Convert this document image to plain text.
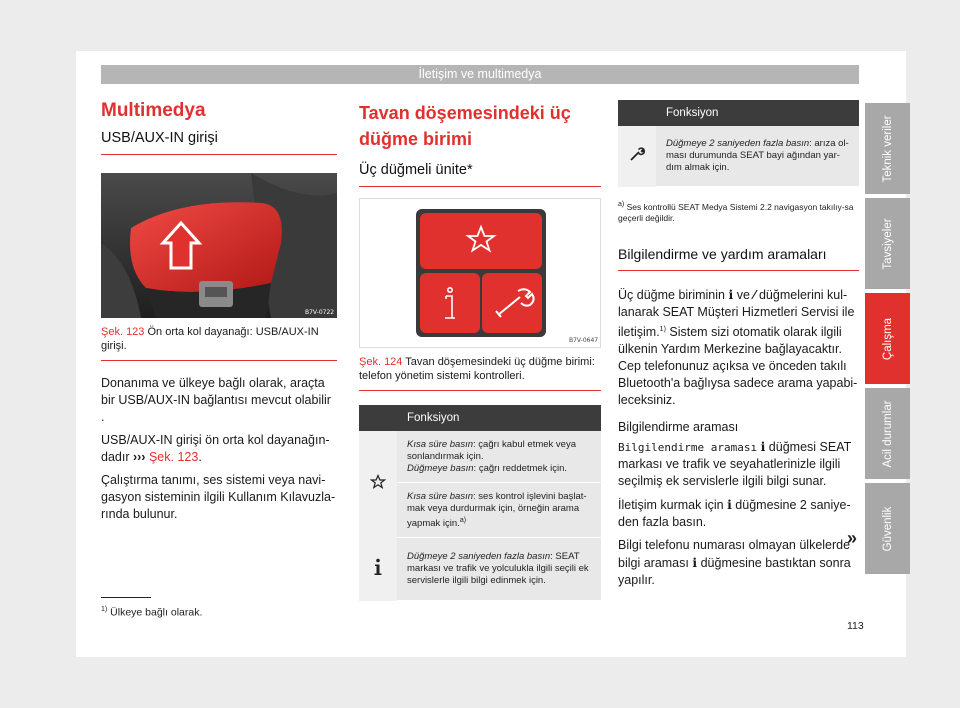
İletişim ve multimedya
Multimedya
USB/AUX-IN girişi
B7V-0722
Şek. 123 Ön orta kol dayanağı: USB/AUX-IN girişi.
Donanıma ve ülkeye bağlı olarak, araçta bir USB/AUX-IN bağlantısı mevcut olabilir .
USB/AUX-IN girişi ön orta kol dayanağın-dadır ››› Şek. 123.
Çalıştırma tanımı, ses sistemi veya navi-gasyon sisteminin ilgili Kullanım Kılavuzla-rında bulunur.
Tavan döşemesindeki üç düğme birimi
Üç düğmeli ünite*
B7V-0647
Şek. 124 Tavan döşemesindeki üç düğme birimi: telefon yönetim sistemi kontrolleri.
	Fonksiyon
	Kısa süre basın: çağrı kabul etmek veya sonlandırmak için.
Düğmeye basın: çağrı reddetmek için.
	Kısa süre basın: ses kontrol işlevini başlat-mak veya durdurmak için, örneğin arama yapmak için.$^{a)}$
	Düğmeye 2 saniyeden fazla basın: SEAT markası ve trafik ve yolculukla ilgili seçili ek servislerle ilgili bilgi edinmek için.
	Fonksiyon
	Düğmeye 2 saniyeden fazla basın: arıza ol-ması durumunda SEAT bayi ağından yar-dım almak için.
$^{a)}$ Ses kontrollü SEAT Medya Sistemi 2.2 navigasyon takılıy-sa geçerli değildir.
Bilgilendirme ve yardım aramaları
Üç düğme biriminin i ve ⁄ düğmelerini kul-lanarak SEAT Müşteri Hizmetleri Servisi ile iletişim.$^{1)}$ Sistem sizi otomatik olarak ilgili ülkenin Yardım Merkezine bağlayacaktır. Cep telefonunuz açıksa ve önceden takılı Bluetooth'a bağlıysa sadece arama yapabi-leceksiniz.
Bilgilendirme araması
Bilgilendirme araması i düğmesi SEAT markası ve trafik ve seyahatlerinizle ilgili seçilmiş ek servislerle ilgili bilgi sunar.
İletişim kurmak için i düğmesine 2 saniye-den fazla basın.
Bilgi telefonu numarası olmayan ülkelerde bilgi araması i düğmesine bastıktan sonra yapılır.
»
$^{1)}$ Ülkeye bağlı olarak.
113
Teknik veriler
Tavsiyeler
Çalışma
Acil durumlar
Güvenlik
